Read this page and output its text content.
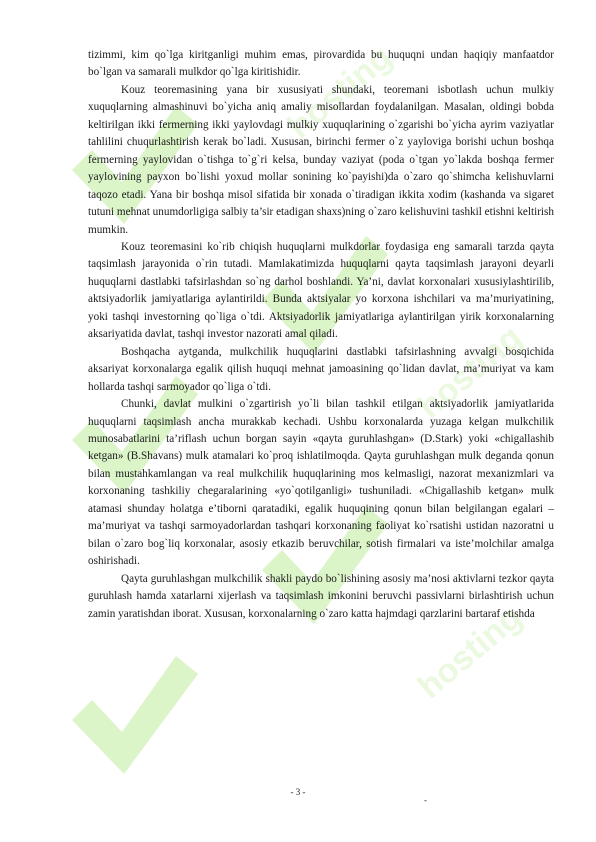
hosting
hosting
hosting

tizimmi, kim qo`lga kiritganligi muhim emas, pirovardida bu huquqni undan haqiqiy manfaatdor bo`lgan va samarali mulkdor qo`lga kiritishidir.

Kouz teoremasining yana bir xususiyati shundaki, teoremani isbotlash uchun mulkiy xuquqlarning almashinuvi bo`yicha aniq amaliy misollardan foydalanilgan. Masalan, oldingi bobda keltirilgan ikki fermerning ikki yaylovdagi mulkiy xuquqlarining o`zgarishi bo`yicha ayrim vaziyatlar tahlilini chuqurlashtirish kerak bo`ladi. Xususan, birinchi fermer o`z yayloviga borishi uchun boshqa fermerning yaylovidan o`tishga to`g`ri kelsa, bunday vaziyat (poda o`tgan yo`lakda boshqa fermer yaylovining payxon bo`lishi yoxud mollar sonining ko`payishi)da o`zaro qo`shimcha kelishuvlarni taqozo etadi. Yana bir boshqa misol sifatida bir xonada o`tiradigan ikkita xodim (kashanda va sigaret tutuni mehnat unumdorligiga salbiy ta’sir etadigan shaxs)ning o`zaro kelishuvini tashkil etishni keltirish mumkin.

Kouz teoremasini ko`rib chiqish huquqlarni mulkdorlar foydasiga eng samarali tarzda qayta taqsimlash jarayonida o`rin tutadi. Mamlakatimizda huquqlarni qayta taqsimlash jarayoni deyarli huquqlarni dastlabki tafsirlashdan so`ng darhol boshlandi. Ya’ni, davlat korxonalari xususiylashtirilib, aktsiyadorlik jamiyatlariga aylantirildi. Bunda aktsiyalar yo korxona ishchilari va ma’muriyatining, yoki tashqi investorning qo`liga o`tdi. Aktsiyadorlik jamiyatlariga aylantirilgan yirik korxonalarning aksariyatida davlat, tashqi investor nazorati amal qiladi.

Boshqacha aytganda, mulkchilik huquqlarini dastlabki tafsirlashning avvalgi bosqichida aksariyat korxonalarga egalik qilish huquqi mehnat jamoasining qo`lidan davlat, ma’muriyat va kam hollarda tashqi sarmoyador qo`liga o`tdi.

Chunki, davlat mulkini o`zgartirish yo`li bilan tashkil etilgan aktsiyadorlik jamiyatlarida huquqlarni taqsimlash ancha murakkab kechadi. Ushbu korxonalarda yuzaga kelgan mulkchilik munosabatlarini ta’riflash uchun borgan sayin «qayta guruhlashgan» (D.Stark) yoki «chigallashib ketgan» (B.Shavans) mulk atamalari ko`proq ishlatilmoqda. Qayta guruhlashgan mulk deganda qonun bilan mustahkamlangan va real mulkchilik huquqlarining mos kelmasligi, nazorat mexanizmlari va korxonaning tashkiliy chegaralarining «yo`qotilganligi» tushuniladi. «Chigallashib ketgan» mulk atamasi shunday holatga e’tiborni qaratadiki, egalik huquqining qonun bilan belgilangan egalari – ma’muriyat va tashqi sarmoyadorlardan tashqari korxonaning faoliyat ko`rsatishi ustidan nazoratni u bilan o`zaro bog`liq korxonalar, asosiy etkazib beruvchilar, sotish firmalari va iste’molchilar amalga oshirishadi.

Qayta guruhlashgan mulkchilik shakli paydo bo`lishining asosiy ma’nosi aktivlarni tezkor qayta guruhlash hamda xatarlarni xijerlash va taqsimlash imkonini beruvchi passivlarni birlashtirish uchun zamin yaratishdan iborat. Xususan, korxonalarning o`zaro katta hajmdagi qarzlarini bartaraf etishda

- 3 -
-
